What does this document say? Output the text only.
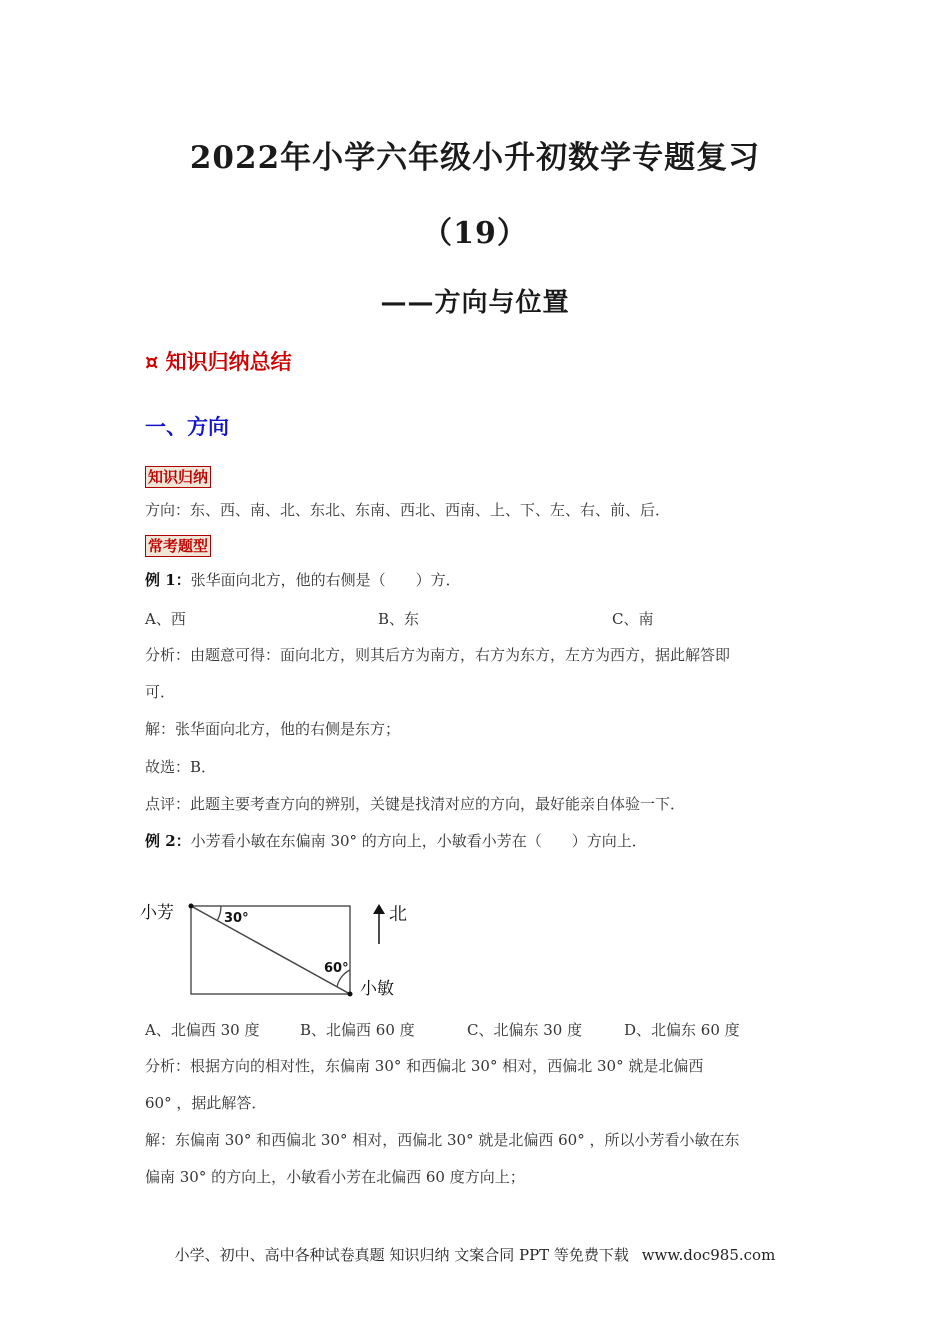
2022年小学六年级小升初数学专题复习
（19）
——方向与位置
¤ 知识归纳总结
一、方向
知识归纳
方向：东、西、南、北、东北、东南、西北、西南、上、下、左、右、前、后．
常考题型
例 1：张华面向北方，他的右侧是（　　）方．
A、西	B、东	C、南
分析：由题意可得：面向北方，则其后方为南方，右方为东方，左方为西方，据此解答即
可．
解：张华面向北方，他的右侧是东方；
故选：B．
点评：此题主要考查方向的辨别，关键是找清对应的方向，最好能亲自体验一下．
例 2：小芳看小敏在东偏南 30° 的方向上，小敏看小芳在（　　）方向上．
小芳	30°
60°
小敏
北
A、北偏西 30 度	B、北偏西 60 度	C、北偏东 30 度	D、北偏东 60 度
分析：根据方向的相对性，东偏南 30° 和西偏北 30° 相对，西偏北 30° 就是北偏西
60° ，据此解答．
解：东偏南 30° 和西偏北 30° 相对，西偏北 30° 就是北偏西 60° ，所以小芳看小敏在东
偏南 30° 的方向上，小敏看小芳在北偏西 60 度方向上；
小学、初中、高中各种试卷真题 知识归纳 文案合同 PPT 等免费下载 www.doc985.com
